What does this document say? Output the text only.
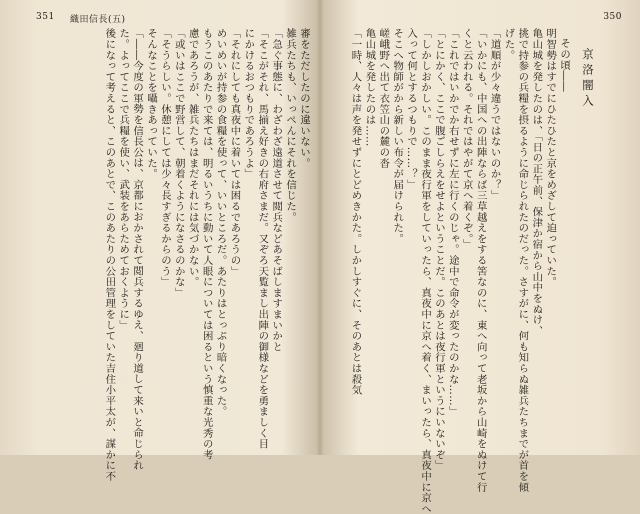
351 織田信長(五)
審をただしたのに違いない。
雑兵たちも、いっぺんにそれを信じた。
「急ぐ事態に、わざわざ遠道させて閲兵などあそばしますまいかと
「そこがそれ、馬揃え好きの右府さまだ。又ぞろ天覧まし出陣の御様などを勇ましく目
にかけるおつもりであろうよ」
「それにしても真夜中に着いては困るであろうの」
めいめいが持参の食糧を使って、いいところだ。あたりはとっぷり暗くなった。
もうこのあたりで来ては、明るいうちに動いて人眼については困るという慎重な光秀の考
慮であろうが、雑兵たちはまだそれには気づかない。
「或いはここで野営して、朝着くようになさるのかな」
「そうらしい。休憩にしては少々長すぎるからのう」
そんなことを囁きあっていた。
「――今度の軍勢を信長公は、京都におかされて閲兵するゆえ、廻り道して来いと命じられ
た。よってここで兵糧を使い、武装をあらためておくように」
後になって考えると、このあとで、このあたりの公田管理をしていた吉住小平太が、謀かに不
350
京洛闇入
その頃――
明智勢はすでにひたひたと京をめざして迫っていた。
亀山城を発したのは、「日の正午前、保津か宿から山中をぬけ、
挑で持参の兵糧を摂るように命じられたのだった。さすがに、何も知らぬ雑兵たちまでが首を傾
げた。
「道順が少々違うではないのか？」
「いかにも、中国への出陣ならば三草越えをする筈なのに、東へ向って老坂から山崎をぬけて行
くと云われる。それではやがて京へ着くぞ。」
「これではいかでか右せずに左に行くのじゃ。途中で命令が変ったのかな……」
「とにかく、ここで腹ごしらえをせよということだ。このあとは夜行軍というにいないぞ」
「しかしおかしい。このまま夜行軍をしていったら、真夜中に京へ着く、まいったら、真夜中に京へ
入って何とするつもりで……？」
そこへ物師がから新しい布令が届けられた。
嵯峨野へ出て衣笠山の麓の沓
亀山城を発したのは……
「一時、人々は声を発せずにとどめきかた。しかしすぐに、そのあとは殺気
